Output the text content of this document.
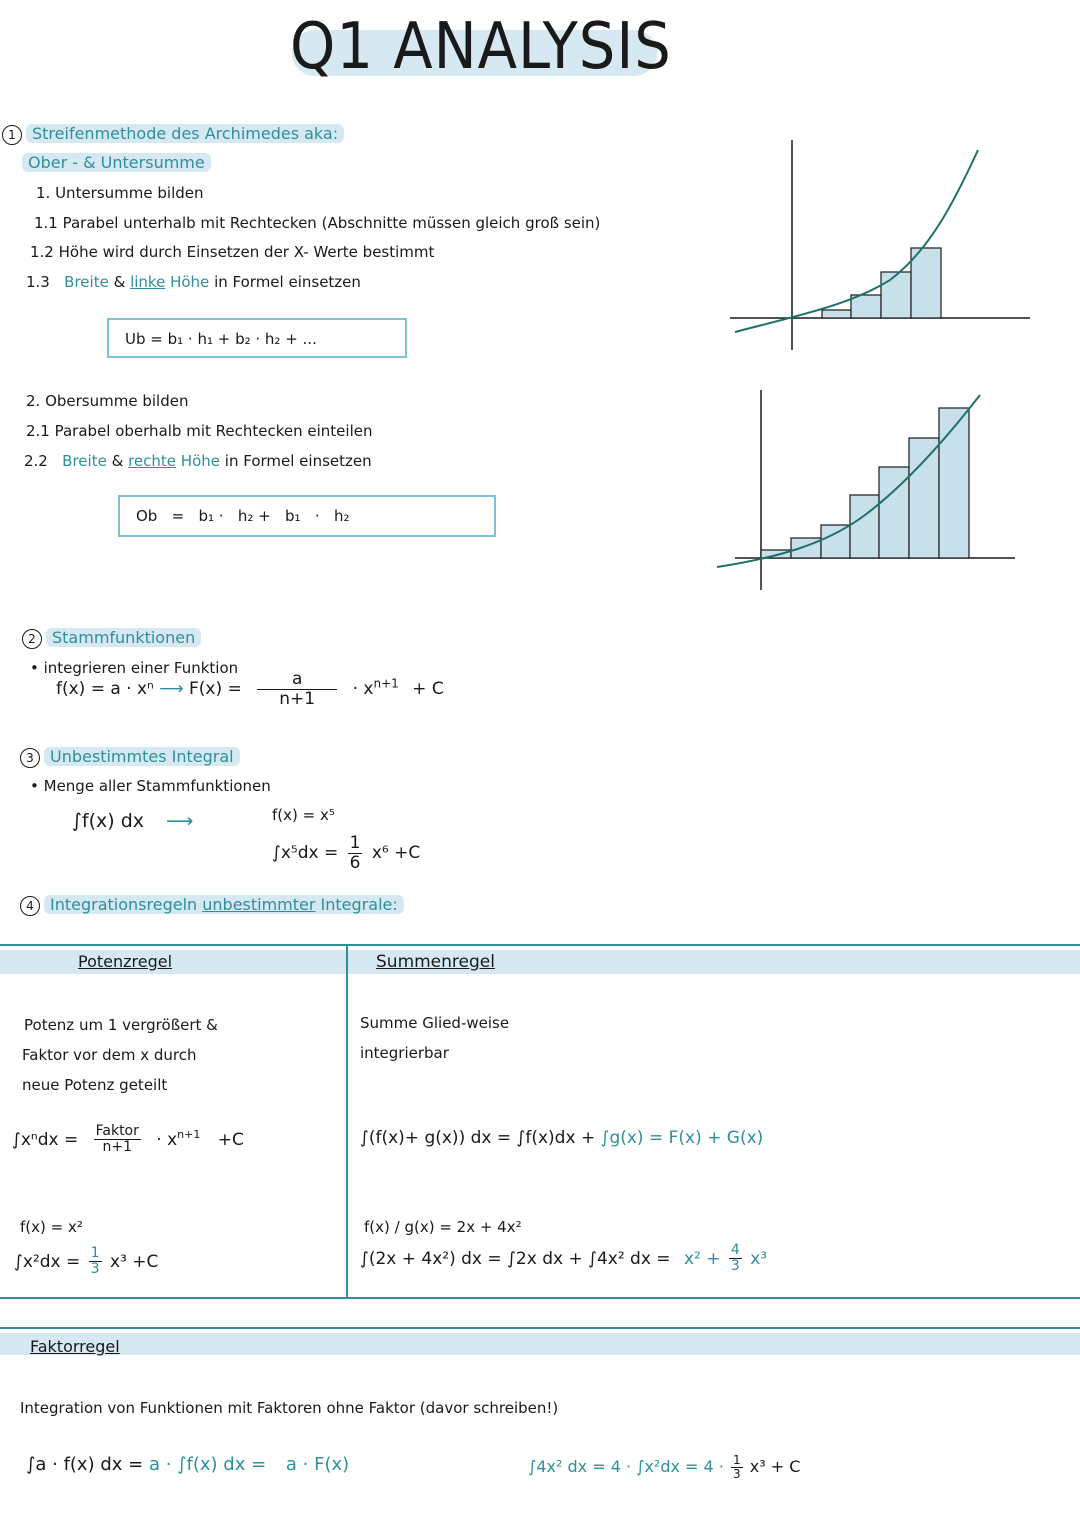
Q1 ANALYSIS
1 Streifenmethode des Archimedes aka:
Ober - & Untersumme
1. Untersumme bilden
1.1 Parabel unterhalb mit Rechtecken (Abschnitte müssen gleich groß sein)
1.2 Höhe wird durch Einsetzen der X- Werte bestimmt
1.3 Breite & linke Höhe in Formel einsetzen
Ub = b₁ · h₁ + b₂ · h₂ + ...
2. Obersumme bilden
2.1 Parabel oberhalb mit Rechtecken einteilen
2.2 Breite & rechte Höhe in Formel einsetzen
Ob   =   b₁ ·   h₂ +   b₁   ·   h₂
2 Stammfunktionen
• integrieren einer Funktion
f(x) = a · xⁿ ⟶ $F(x) = \frac{a}{n+1} \cdot x^{n+1} + C$
3 Unbestimmtes Integral
• Menge aller Stammfunktionen
∫f(x) dx ⟶	f(x) = x⁵
$\int x^5dx = \frac{1}{6} x^6 +C$
4 Integrationsregeln unbestimmter Integrale:
Potenzregel	Summenregel
Potenz um 1 vergrößert &
Faktor vor dem x durch
neue Potenz geteilt
$\int x^ndx = \frac{\text{Faktor}}{n+1} \cdot x^{n+1} +C$
f(x) = x²
$\int x^2dx = \frac{1}{3} x^3 +C$
Summe Glied-weise
integrierbar
∫(f(x)+ g(x)) dx = ∫f(x)dx + ∫g(x) = F(x) + G(x)
f(x) / g(x) = 2x + 4x²
∫(2x + 4x²) dx = ∫2x dx + ∫4x² dx = $x^2 + \frac{4}{3} x^3$
Faktorregel
Integration von Funktionen mit Faktoren ohne Faktor (davor schreiben!)
∫a · f(x) dx = a · ∫f(x) dx = a · F(x)	∫4x² dx = $4 \cdot \int x^2dx = 4 \cdot \frac{1}{3} x^3 + C$
